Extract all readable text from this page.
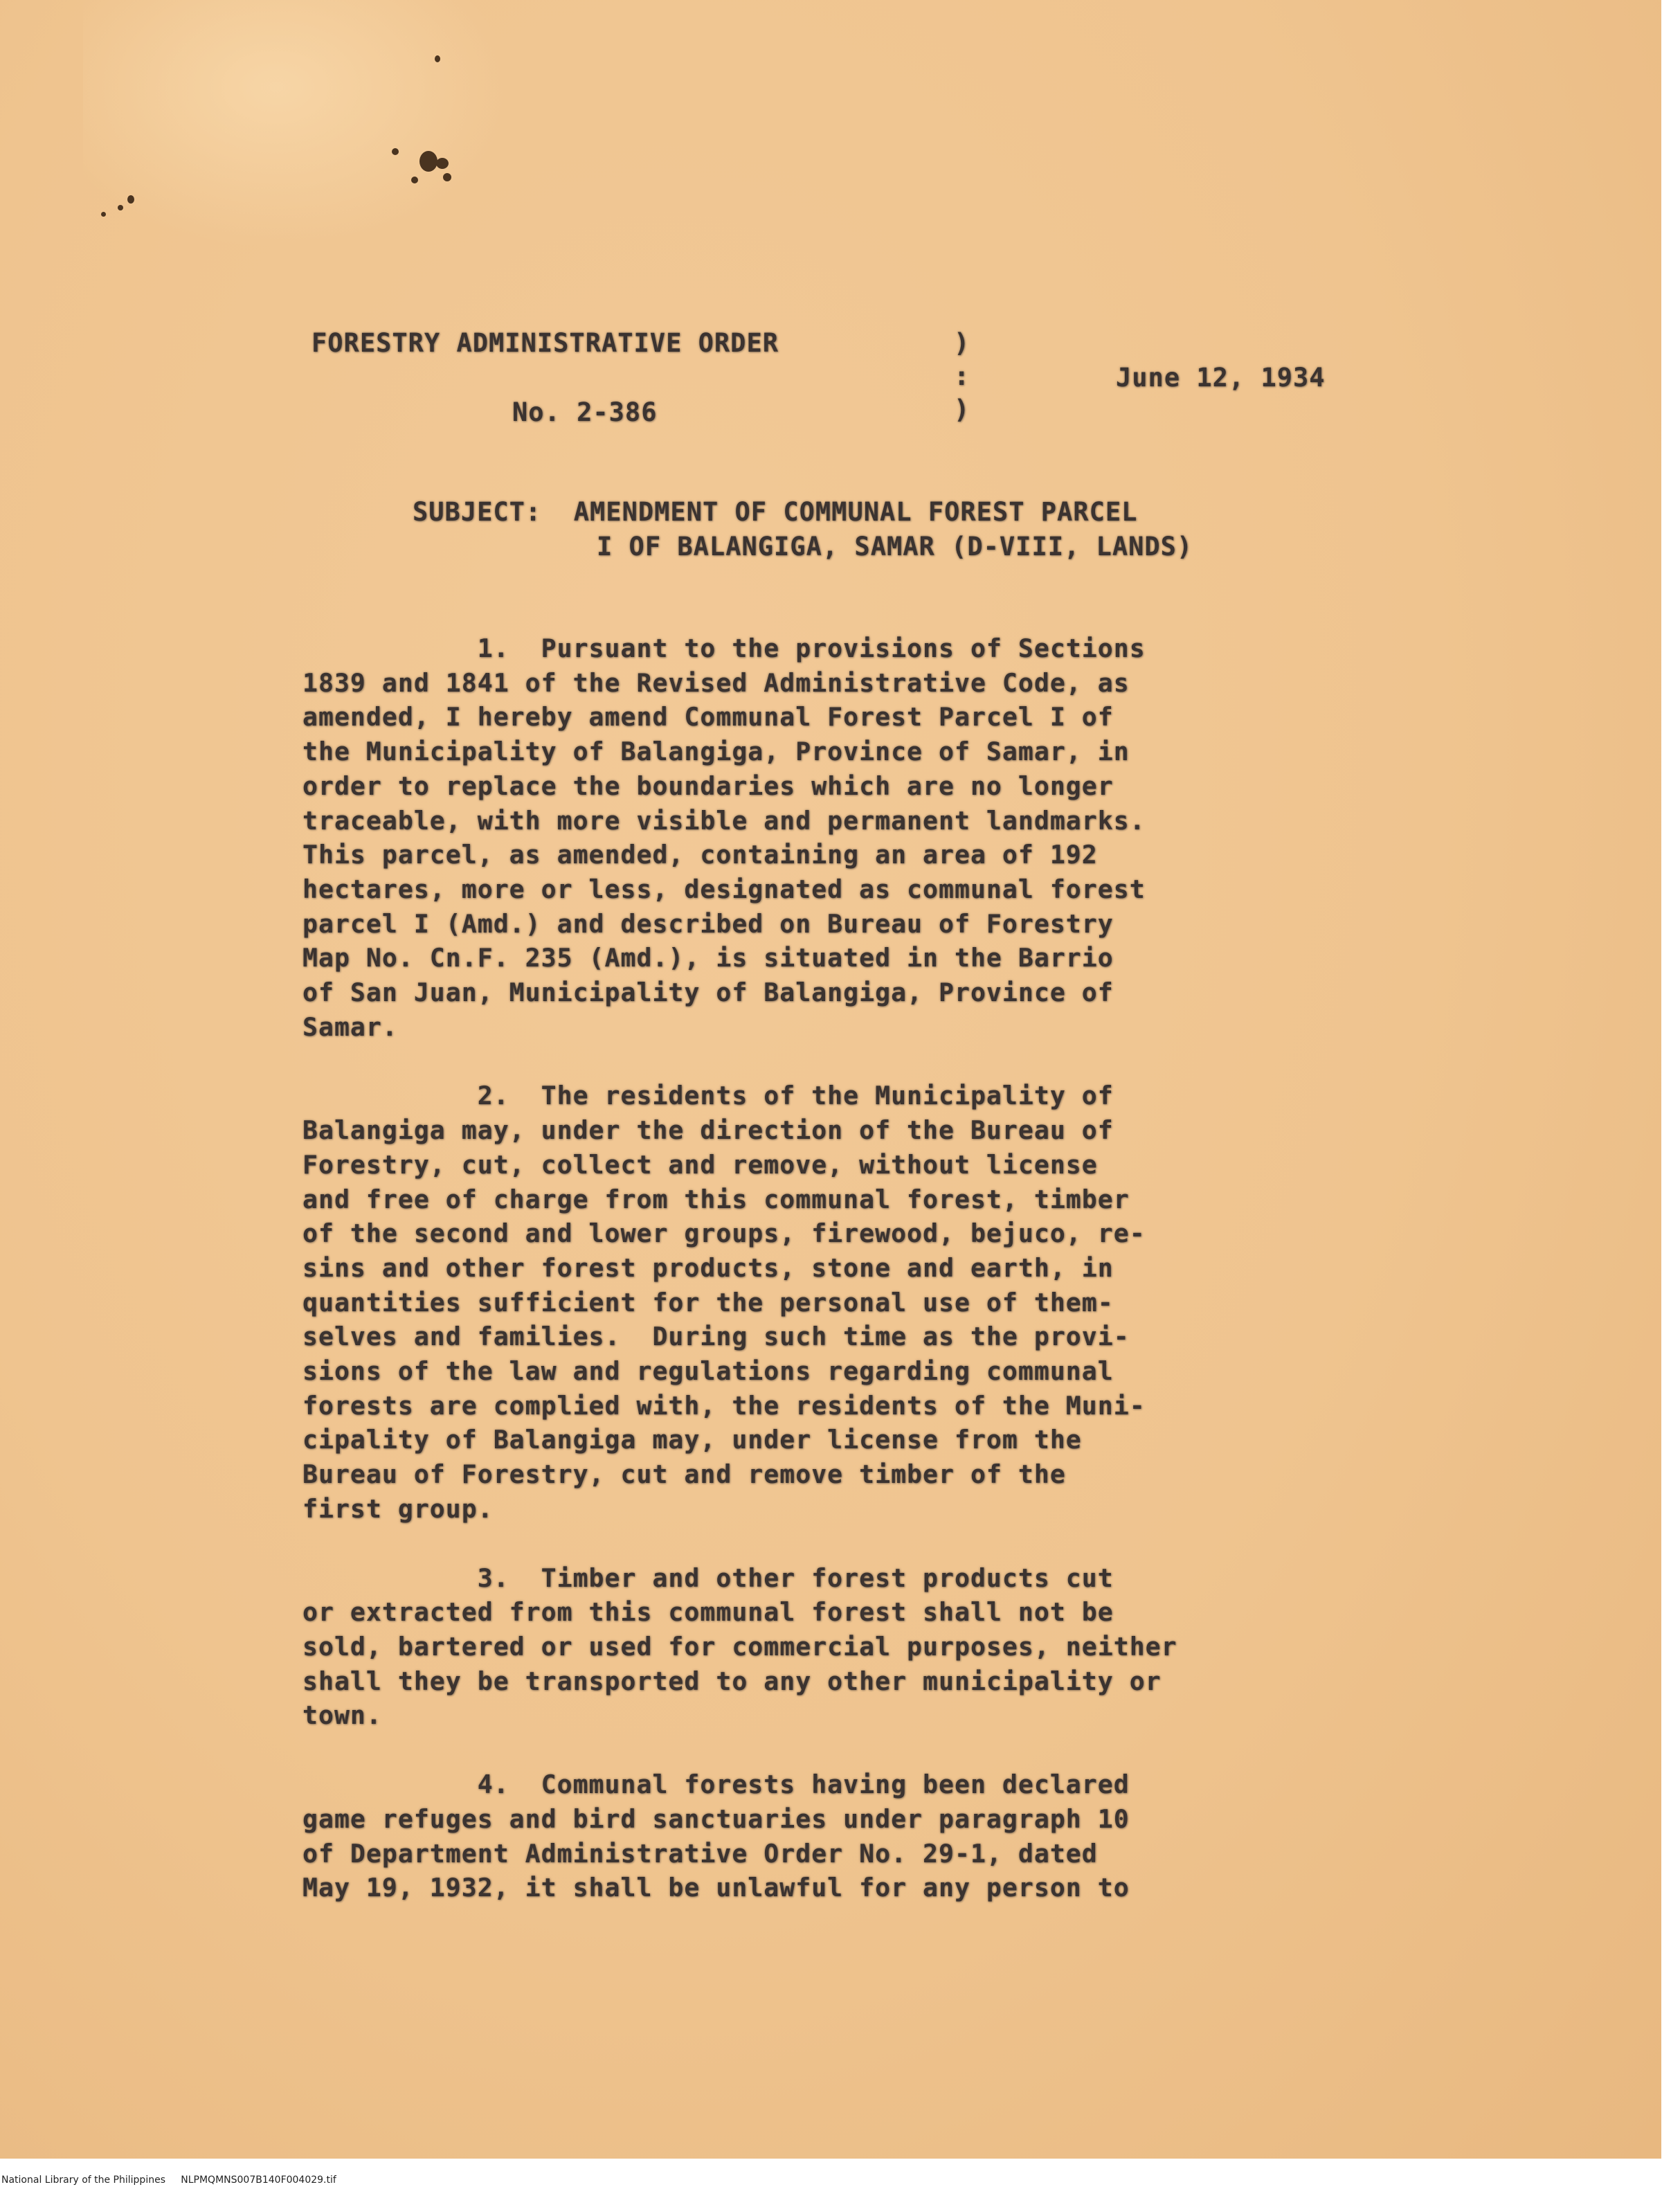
FORESTRY ADMINISTRATIVE ORDER	)

:

)

No. 2-386

June 12, 1934

SUBJECT:  AMENDMENT OF COMMUNAL FOREST PARCEL

I OF BALANGIGA, SAMAR (D-VIII, LANDS)

1.  Pursuant to the provisions of Sections

1839 and 1841 of the Revised Administrative Code, as

amended, I hereby amend Communal Forest Parcel I of

the Municipality of Balangiga, Province of Samar, in

order to replace the boundaries which are no longer

traceable, with more visible and permanent landmarks.

This parcel, as amended, containing an area of 192

hectares, more or less, designated as communal forest

parcel I (Amd.) and described on Bureau of Forestry

Map No. Cn.F. 235 (Amd.), is situated in the Barrio

of San Juan, Municipality of Balangiga, Province of

Samar.

2.  The residents of the Municipality of

Balangiga may, under the direction of the Bureau of

Forestry, cut, collect and remove, without license

and free of charge from this communal forest, timber

of the second and lower groups, firewood, bejuco, re-

sins and other forest products, stone and earth, in

quantities sufficient for the personal use of them-

selves and families.  During such time as the provi-

sions of the law and regulations regarding communal

forests are complied with, the residents of the Muni-

cipality of Balangiga may, under license from the

Bureau of Forestry, cut and remove timber of the

first group.

3.  Timber and other forest products cut

or extracted from this communal forest shall not be

sold, bartered or used for commercial purposes, neither

shall they be transported to any other municipality or

town.

4.  Communal forests having been declared

game refuges and bird sanctuaries under paragraph 10

of Department Administrative Order No. 29-1, dated

May 19, 1932, it shall be unlawful for any person to

National Library of the Philippines NLPMQMNS007B140F004029.tif
